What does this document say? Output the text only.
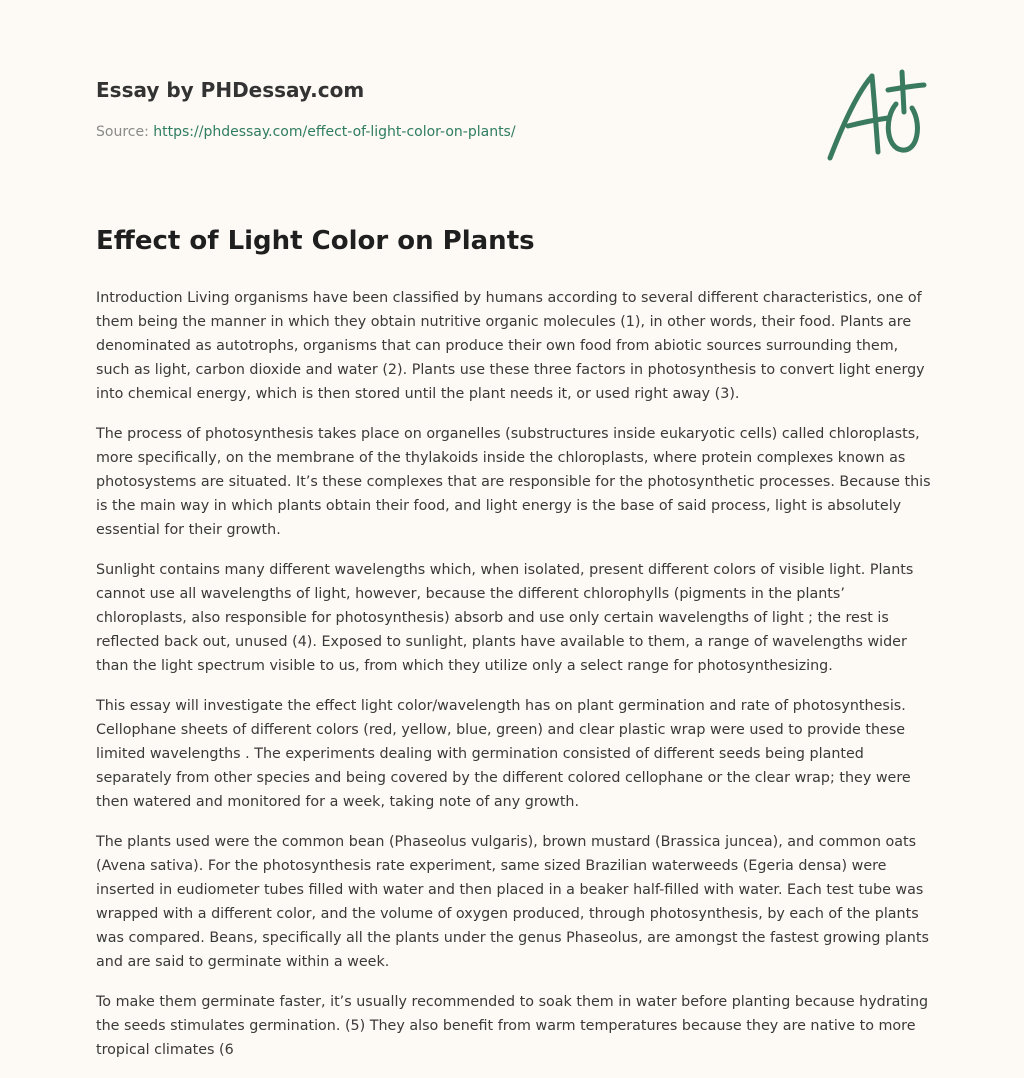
Essay by PHDessay.com
Source: https://phdessay.com/effect-of-light-color-on-plants/
Effect of Light Color on Plants

Introduction Living organisms have been classified by humans according to several different characteristics, one of them being the manner in which they obtain nutritive organic molecules (1), in other words, their food. Plants are denominated as autotrophs, organisms that can produce their own food from abiotic sources surrounding them, such as light, carbon dioxide and water (2). Plants use these three factors in photosynthesis to convert light energy into chemical energy, which is then stored until the plant needs it, or used right away (3).

The process of photosynthesis takes place on organelles (substructures inside eukaryotic cells) called chloroplasts, more specifically, on the membrane of the thylakoids inside the chloroplasts, where protein complexes known as photosystems are situated. It’s these complexes that are responsible for the photosynthetic processes. Because this is the main way in which plants obtain their food, and light energy is the base of said process, light is absolutely essential for their growth.

Sunlight contains many different wavelengths which, when isolated, present different colors of visible light. Plants cannot use all wavelengths of light, however, because the different chlorophylls (pigments in the plants’ chloroplasts, also responsible for photosynthesis) absorb and use only certain wavelengths of light ; the rest is reflected back out, unused (4). Exposed to sunlight, plants have available to them, a range of wavelengths wider than the light spectrum visible to us, from which they utilize only a select range for photosynthesizing.

This essay will investigate the effect light color/wavelength has on plant germination and rate of photosynthesis. Cellophane sheets of different colors (red, yellow, blue, green) and clear plastic wrap were used to provide these limited wavelengths . The experiments dealing with germination consisted of different seeds being planted separately from other species and being covered by the different colored cellophane or the clear wrap; they were then watered and monitored for a week, taking note of any growth.

The plants used were the common bean (Phaseolus vulgaris), brown mustard (Brassica juncea), and common oats (Avena sativa). For the photosynthesis rate experiment, same sized Brazilian waterweeds (Egeria densa) were inserted in eudiometer tubes filled with water and then placed in a beaker half-filled with water. Each test tube was wrapped with a different color, and the volume of oxygen produced, through photosynthesis, by each of the plants was compared. Beans, specifically all the plants under the genus Phaseolus, are amongst the fastest growing plants and are said to germinate within a week.

To make them germinate faster, it’s usually recommended to soak them in water before planting because hydrating the seeds stimulates germination. (5) They also benefit from warm temperatures because they are native to more tropical climates (6
